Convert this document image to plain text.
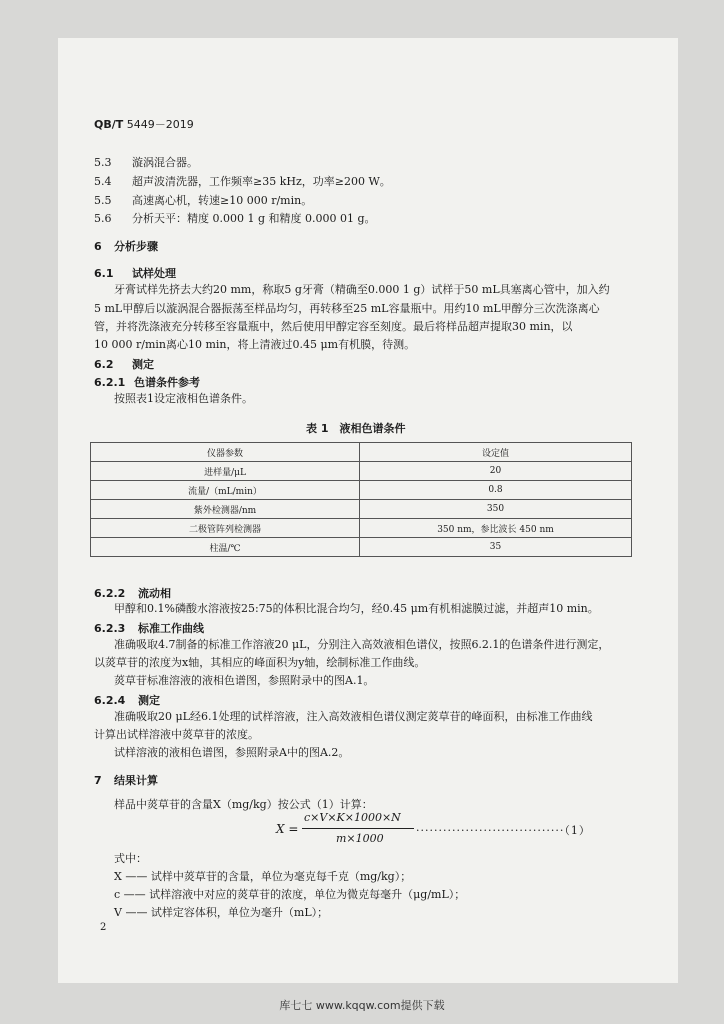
QB/T 5449－2019
5.3 漩涡混合器。
5.4 超声波清洗器，工作频率≥35 kHz，功率≥200 W。
5.5 高速离心机，转速≥10 000 r/min。
5.6 分析天平：精度 0.000 1 g 和精度 0.000 01 g。
6 分析步骤
6.1 试样处理
牙膏试样先挤去大约20 mm，称取5 g牙膏（精确至0.000 1 g）试样于50 mL具塞离心管中，加入约
5 mL甲醇后以漩涡混合器振荡至样品均匀，再转移至25 mL容量瓶中。用约10 mL甲醇分三次洗涤离心
管，并将洗涤液充分转移至容量瓶中，然后使用甲醇定容至刻度。最后将样品超声提取30 min，以
10 000 r/min离心10 min，将上清液过0.45 μm有机膜，待测。
6.2 测定
6.2.1 色谱条件参考
按照表1设定液相色谱条件。
表 1　液相色谱条件
仪器参数	设定值
进样量/μL	20
流量/（mL/min）	0.8
紫外检测器/nm	350
二极管阵列检测器	350 nm，参比波长 450 nm
柱温/℃	35
6.2.2 流动相
甲醇和0.1%磷酸水溶液按25:75的体积比混合均匀，经0.45 μm有机相滤膜过滤，并超声10 min。
6.2.3 标准工作曲线
准确吸取4.7制备的标准工作溶液20 μL，分别注入高效液相色谱仪，按照6.2.1的色谱条件进行测定，
以菼草苷的浓度为x轴，其相应的峰面积为y轴，绘制标准工作曲线。
菼草苷标准溶液的液相色谱图，参照附录中的图A.1。
6.2.4 测定
准确吸取20 μL经6.1处理的试样溶液，注入高效液相色谱仪测定菼草苷的峰面积，由标准工作曲线
计算出试样溶液中菼草苷的浓度。
试样溶液的液相色谱图，参照附录A中的图A.2。
7 结果计算
样品中菼草苷的含量X（mg/kg）按公式（1）计算：
X =
c×V×K×1000×N
m×1000
·································（1）
式中：
X —— 试样中菼草苷的含量，单位为毫克每千克（mg/kg）；
c —— 试样溶液中对应的菼草苷的浓度，单位为微克每毫升（μg/mL）；
V —— 试样定容体积，单位为毫升（mL）；
2
库七七 www.kqqw.com提供下载
